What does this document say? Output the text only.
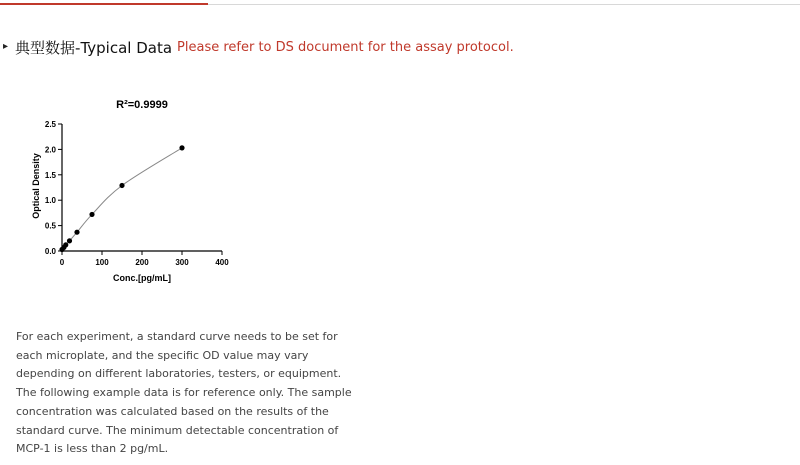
▸ 典型数据-Typical Data Please refer to DS document for the assay protocol.
R²=0.9999
0.0
0.5
1.0
1.5
2.0
2.5
0	100	200	300	400
Conc.[pg/mL]
Optical Density
For each experiment, a standard curve needs to be set for each microplate, and the specific OD value may vary depending on different laboratories, testers, or equipment. The following example data is for reference only. The sample concentration was calculated based on the results of the standard curve. The minimum detectable concentration of MCP-1 is less than 2 pg/mL.
